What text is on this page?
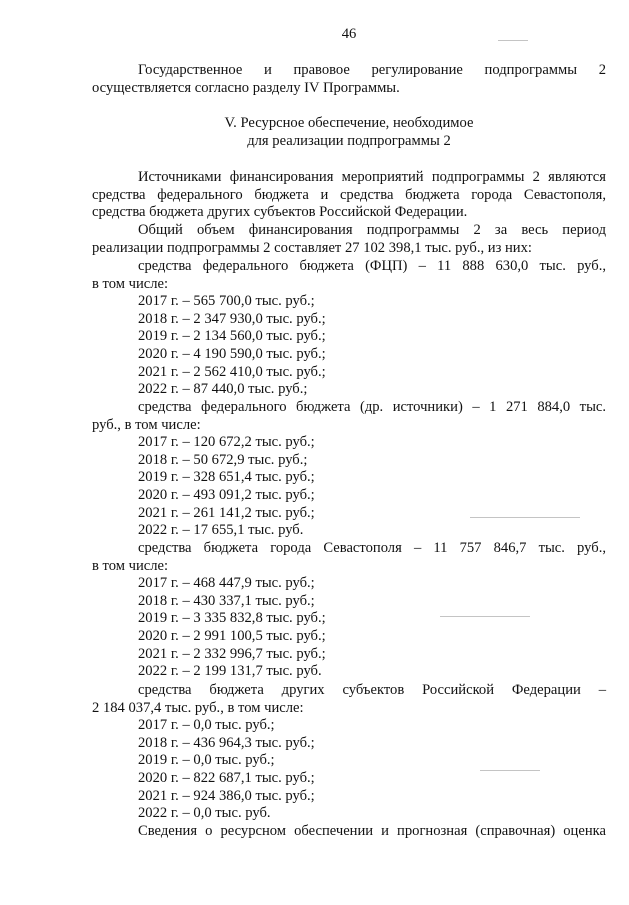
46

Государственное и правовое регулирование подпрограммы 2 осуществляется согласно разделу IV Программы.

V. Ресурсное обеспечение, необходимое
для реализации подпрограммы 2

Источниками финансирования мероприятий подпрограммы 2 являются средства федерального бюджета и средства бюджета города Севастополя, средства бюджета других субъектов Российской Федерации.

Общий объем финансирования подпрограммы 2 за весь период реализации подпрограммы 2 составляет 27 102 398,1 тыс. руб., из них:

средства федерального бюджета (ФЦП) – 11 888 630,0 тыс. руб.,
в том числе:
2017 г. – 565 700,0 тыс. руб.;
2018 г. – 2 347 930,0 тыс. руб.;
2019 г. – 2 134 560,0 тыс. руб.;
2020 г. – 4 190 590,0 тыс. руб.;
2021 г. – 2 562 410,0 тыс. руб.;
2022 г. – 87 440,0 тыс. руб.;
средства федерального бюджета (др. источники) – 1 271 884,0 тыс.
руб., в том числе:
2017 г. – 120 672,2 тыс. руб.;
2018 г. – 50 672,9 тыс. руб.;
2019 г. – 328 651,4 тыс. руб.;
2020 г. – 493 091,2 тыс. руб.;
2021 г. – 261 141,2 тыс. руб.;
2022 г. – 17 655,1 тыс. руб.
средства бюджета города Севастополя – 11 757 846,7 тыс. руб.,
в том числе:
2017 г. – 468 447,9 тыс. руб.;
2018 г. – 430 337,1 тыс. руб.;
2019 г. – 3 335 832,8 тыс. руб.;
2020 г. – 2 991 100,5 тыс. руб.;
2021 г. – 2 332 996,7 тыс. руб.;
2022 г. – 2 199 131,7 тыс. руб.
средства бюджета других субъектов Российской Федерации –
2 184 037,4 тыс. руб., в том числе:
2017 г. – 0,0 тыс. руб.;
2018 г. – 436 964,3 тыс. руб.;
2019 г. – 0,0 тыс. руб.;
2020 г. – 822 687,1 тыс. руб.;
2021 г. – 924 386,0 тыс. руб.;
2022 г. – 0,0 тыс. руб.
Сведения о ресурсном обеспечении и прогнозная (справочная) оценка
